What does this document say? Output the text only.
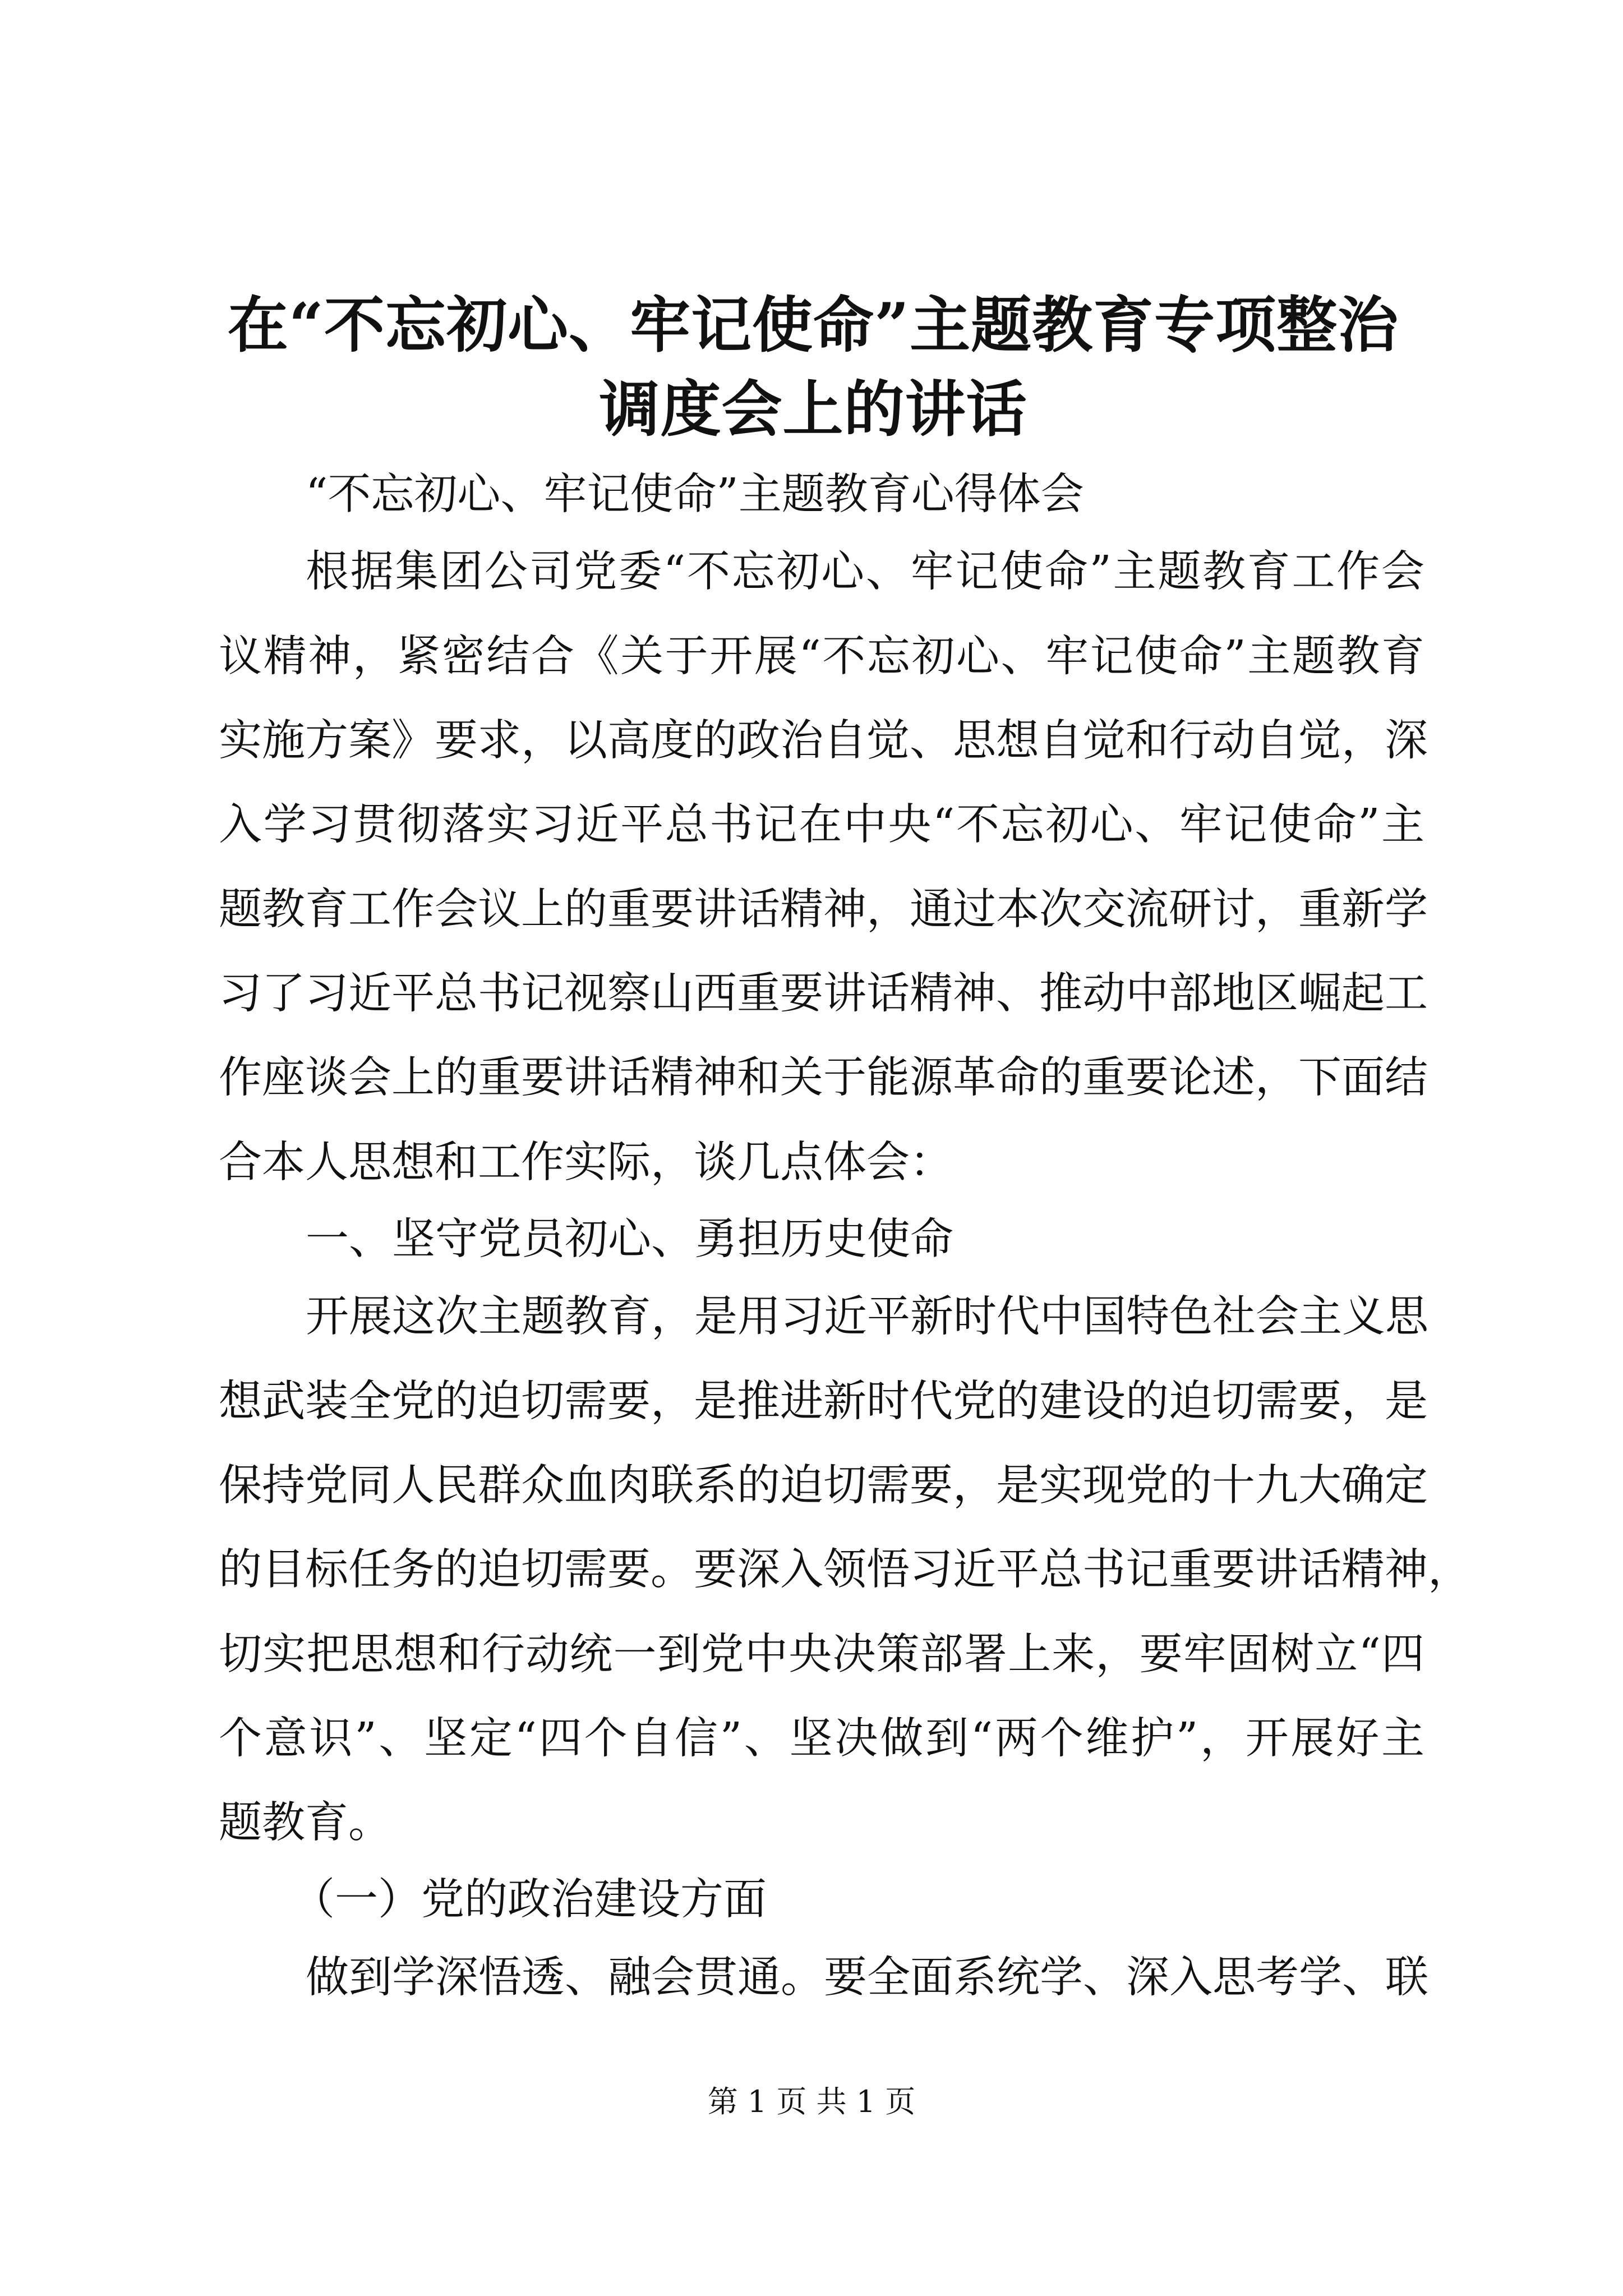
在“不忘初心、牢记使命”主题教育专项整治
调度会上的讲话

“不忘初心、牢记使命”主题教育心得体会

根据集团公司党委“不忘初心、牢记使命”主题教育工作会

议精神，紧密结合《关于开展“不忘初心、牢记使命”主题教育

实施方案》要求，以高度的政治自觉、思想自觉和行动自觉，深

入学习贯彻落实习近平总书记在中央“不忘初心、牢记使命”主

题教育工作会议上的重要讲话精神，通过本次交流研讨，重新学

习了习近平总书记视察山西重要讲话精神、推动中部地区崛起工

作座谈会上的重要讲话精神和关于能源革命的重要论述，下面结

合本人思想和工作实际，谈几点体会：

一、坚守党员初心、勇担历史使命

开展这次主题教育，是用习近平新时代中国特色社会主义思

想武装全党的迫切需要，是推进新时代党的建设的迫切需要，是

保持党同人民群众血肉联系的迫切需要，是实现党的十九大确定

的目标任务的迫切需要。要深入领悟习近平总书记重要讲话精神，

切实把思想和行动统一到党中央决策部署上来，要牢固树立“四

个意识”、坚定“四个自信”、坚决做到“两个维护”，开展好主

题教育。

（一）党的政治建设方面

做到学深悟透、融会贯通。要全面系统学、深入思考学、联

第 1 页 共 1 页
